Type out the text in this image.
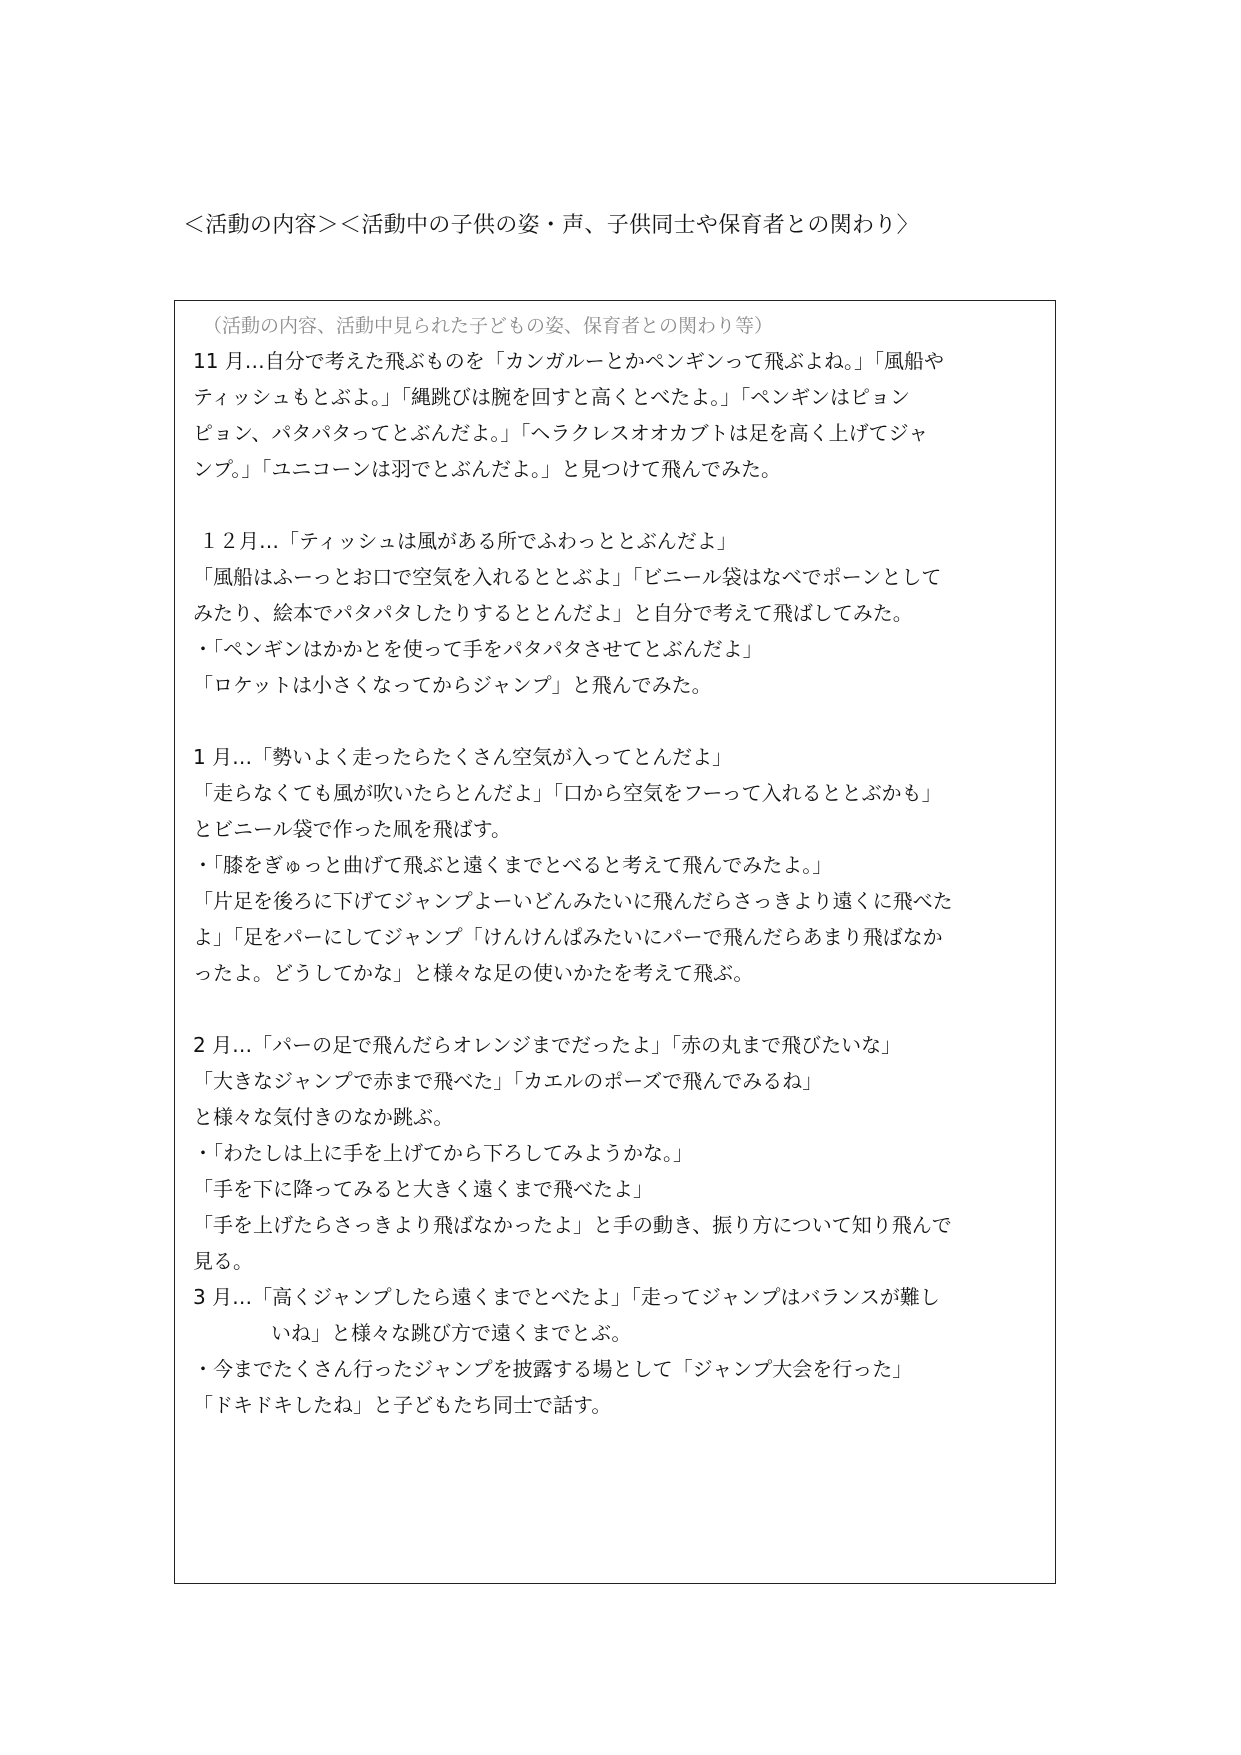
＜活動の内容＞＜活動中の子供の姿・声、子供同士や保育者との関わり〉
（活動の内容、活動中見られた子どもの姿、保育者との関わり等）
11 月…自分で考えた飛ぶものを「カンガルーとかペンギンって飛ぶよね。」「風船や
ティッシュもとぶよ。」「縄跳びは腕を回すと高くとべたよ。」「ペンギンはピョン
ピョン、パタパタってとぶんだよ。」「ヘラクレスオオカブトは足を高く上げてジャ
ンプ。」「ユニコーンは羽でとぶんだよ。」と見つけて飛んでみた。
１２月…「ティッシュは風がある所でふわっととぶんだよ」
「風船はふーっとお口で空気を入れるととぶよ」「ビニール袋はなべでポーンとして
みたり、絵本でパタパタしたりするととんだよ」と自分で考えて飛ばしてみた。
・「ペンギンはかかとを使って手をパタパタさせてとぶんだよ」
「ロケットは小さくなってからジャンプ」と飛んでみた。
1 月…「勢いよく走ったらたくさん空気が入ってとんだよ」
「走らなくても風が吹いたらとんだよ」「口から空気をフーって入れるととぶかも」
とビニール袋で作った凧を飛ばす。
・「膝をぎゅっと曲げて飛ぶと遠くまでとべると考えて飛んでみたよ。」
「片足を後ろに下げてジャンプよーいどんみたいに飛んだらさっきより遠くに飛べた
よ」「足をパーにしてジャンプ「けんけんぱみたいにパーで飛んだらあまり飛ばなか
ったよ。どうしてかな」と様々な足の使いかたを考えて飛ぶ。
2 月…「パーの足で飛んだらオレンジまでだったよ」「赤の丸まで飛びたいな」
「大きなジャンプで赤まで飛べた」「カエルのポーズで飛んでみるね」
と様々な気付きのなか跳ぶ。
・「わたしは上に手を上げてから下ろしてみようかな。」
「手を下に降ってみると大きく遠くまで飛べたよ」
「手を上げたらさっきより飛ばなかったよ」と手の動き、振り方について知り飛んで
見る。
3 月…「高くジャンプしたら遠くまでとべたよ」「走ってジャンプはバランスが難し
いね」と様々な跳び方で遠くまでとぶ。
・今までたくさん行ったジャンプを披露する場として「ジャンプ大会を行った」
「ドキドキしたね」と子どもたち同士で話す。
